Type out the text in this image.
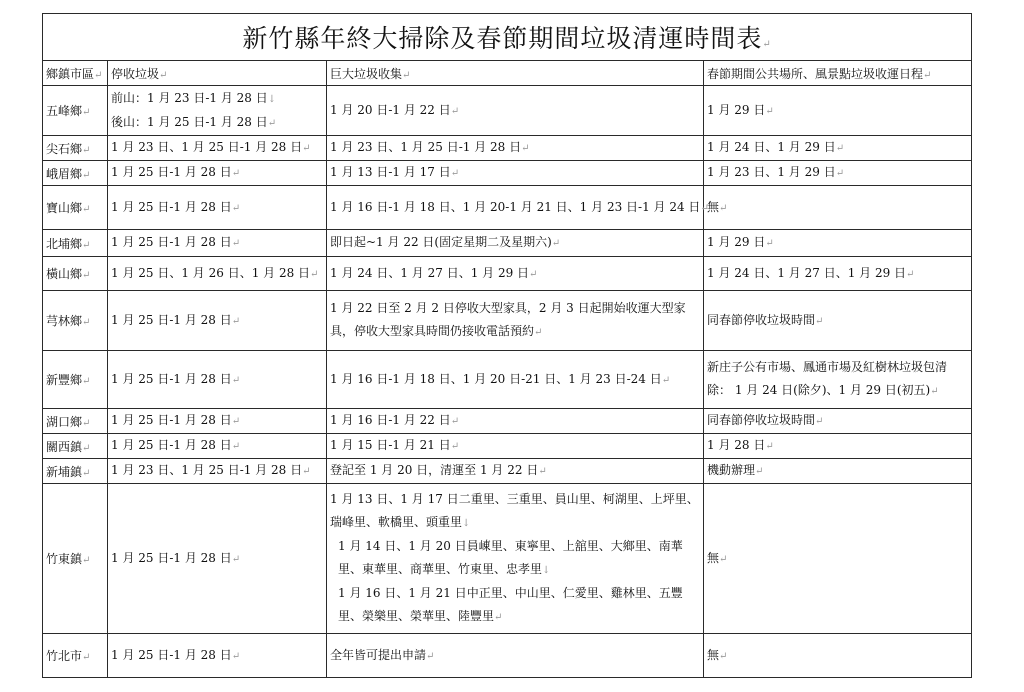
新竹縣年終大掃除及春節期間垃圾清運時間表↵			
鄉鎮市區↵	停收垃圾↵	巨大垃圾收集↵	春節期間公共場所、風景點垃圾收運日程↵
五峰鄉↵	前山：1 月 23 日-1 月 28 日↓
後山：1 月 25 日-1 月 28 日↵	1 月 20 日-1 月 22 日↵	1 月 29 日↵

尖石鄉↵	1 月 23 日、1 月 25 日-1 月 28 日↵	1 月 23 日、1 月 25 日-1 月 28 日↵	1 月 24 日、1 月 29 日↵

峨眉鄉↵	1 月 25 日-1 月 28 日↵	1 月 13 日-1 月 17 日↵	1 月 23 日、1 月 29 日↵

寶山鄉↵	1 月 25 日-1 月 28 日↵	1 月 16 日-1 月 18 日、1 月 20-1 月 21 日、1 月 23 日-1 月 24 日↵	無↵

北埔鄉↵	1 月 25 日-1 月 28 日↵	即日起~1 月 22 日(固定星期二及星期六)↵	1 月 29 日↵

橫山鄉↵	1 月 25 日、1 月 26 日、1 月 28 日↵	1 月 24 日、1 月 27 日、1 月 29 日↵	1 月 24 日、1 月 27 日、1 月 29 日↵

芎林鄉↵	1 月 25 日-1 月 28 日↵	1 月 22 日至 2 月 2 日停收大型家具，2 月 3 日起開始收運大型家具，停收大型家具時間仍接收電話預約↵	同春節停收垃圾時間↵

新豐鄉↵	1 月 25 日-1 月 28 日↵	1 月 16 日-1 月 18 日、1 月 20 日-21 日、1 月 23 日-24 日↵	新庄子公有市場、鳳通市場及紅樹林垃圾包清除： 1 月 24 日(除夕)、1 月 29 日(初五)↵

湖口鄉↵	1 月 25 日-1 月 28 日↵	1 月 16 日-1 月 22 日↵	同春節停收垃圾時間↵

關西鎮↵	1 月 25 日-1 月 28 日↵	1 月 15 日-1 月 21 日↵	1 月 28 日↵

新埔鎮↵	1 月 23 日、1 月 25 日-1 月 28 日↵	登記至 1 月 20 日，清運至 1 月 22 日↵	機動辦理↵

竹東鎮↵	1 月 25 日-1 月 28 日↵	1 月 13 日、1 月 17 日二重里、三重里、員山里、柯湖里、上坪里、瑞峰里、軟橋里、頭重里↓
1 月 14 日、1 月 20 日員崠里、東寧里、上舘里、大鄉里、南華里、東華里、商華里、竹東里、忠孝里↓
1 月 16 日、1 月 21 日中正里、中山里、仁愛里、雞林里、五豐里、榮樂里、榮華里、陸豐里↵	無↵

竹北市↵	1 月 25 日-1 月 28 日↵	全年皆可提出申請↵	無↵
